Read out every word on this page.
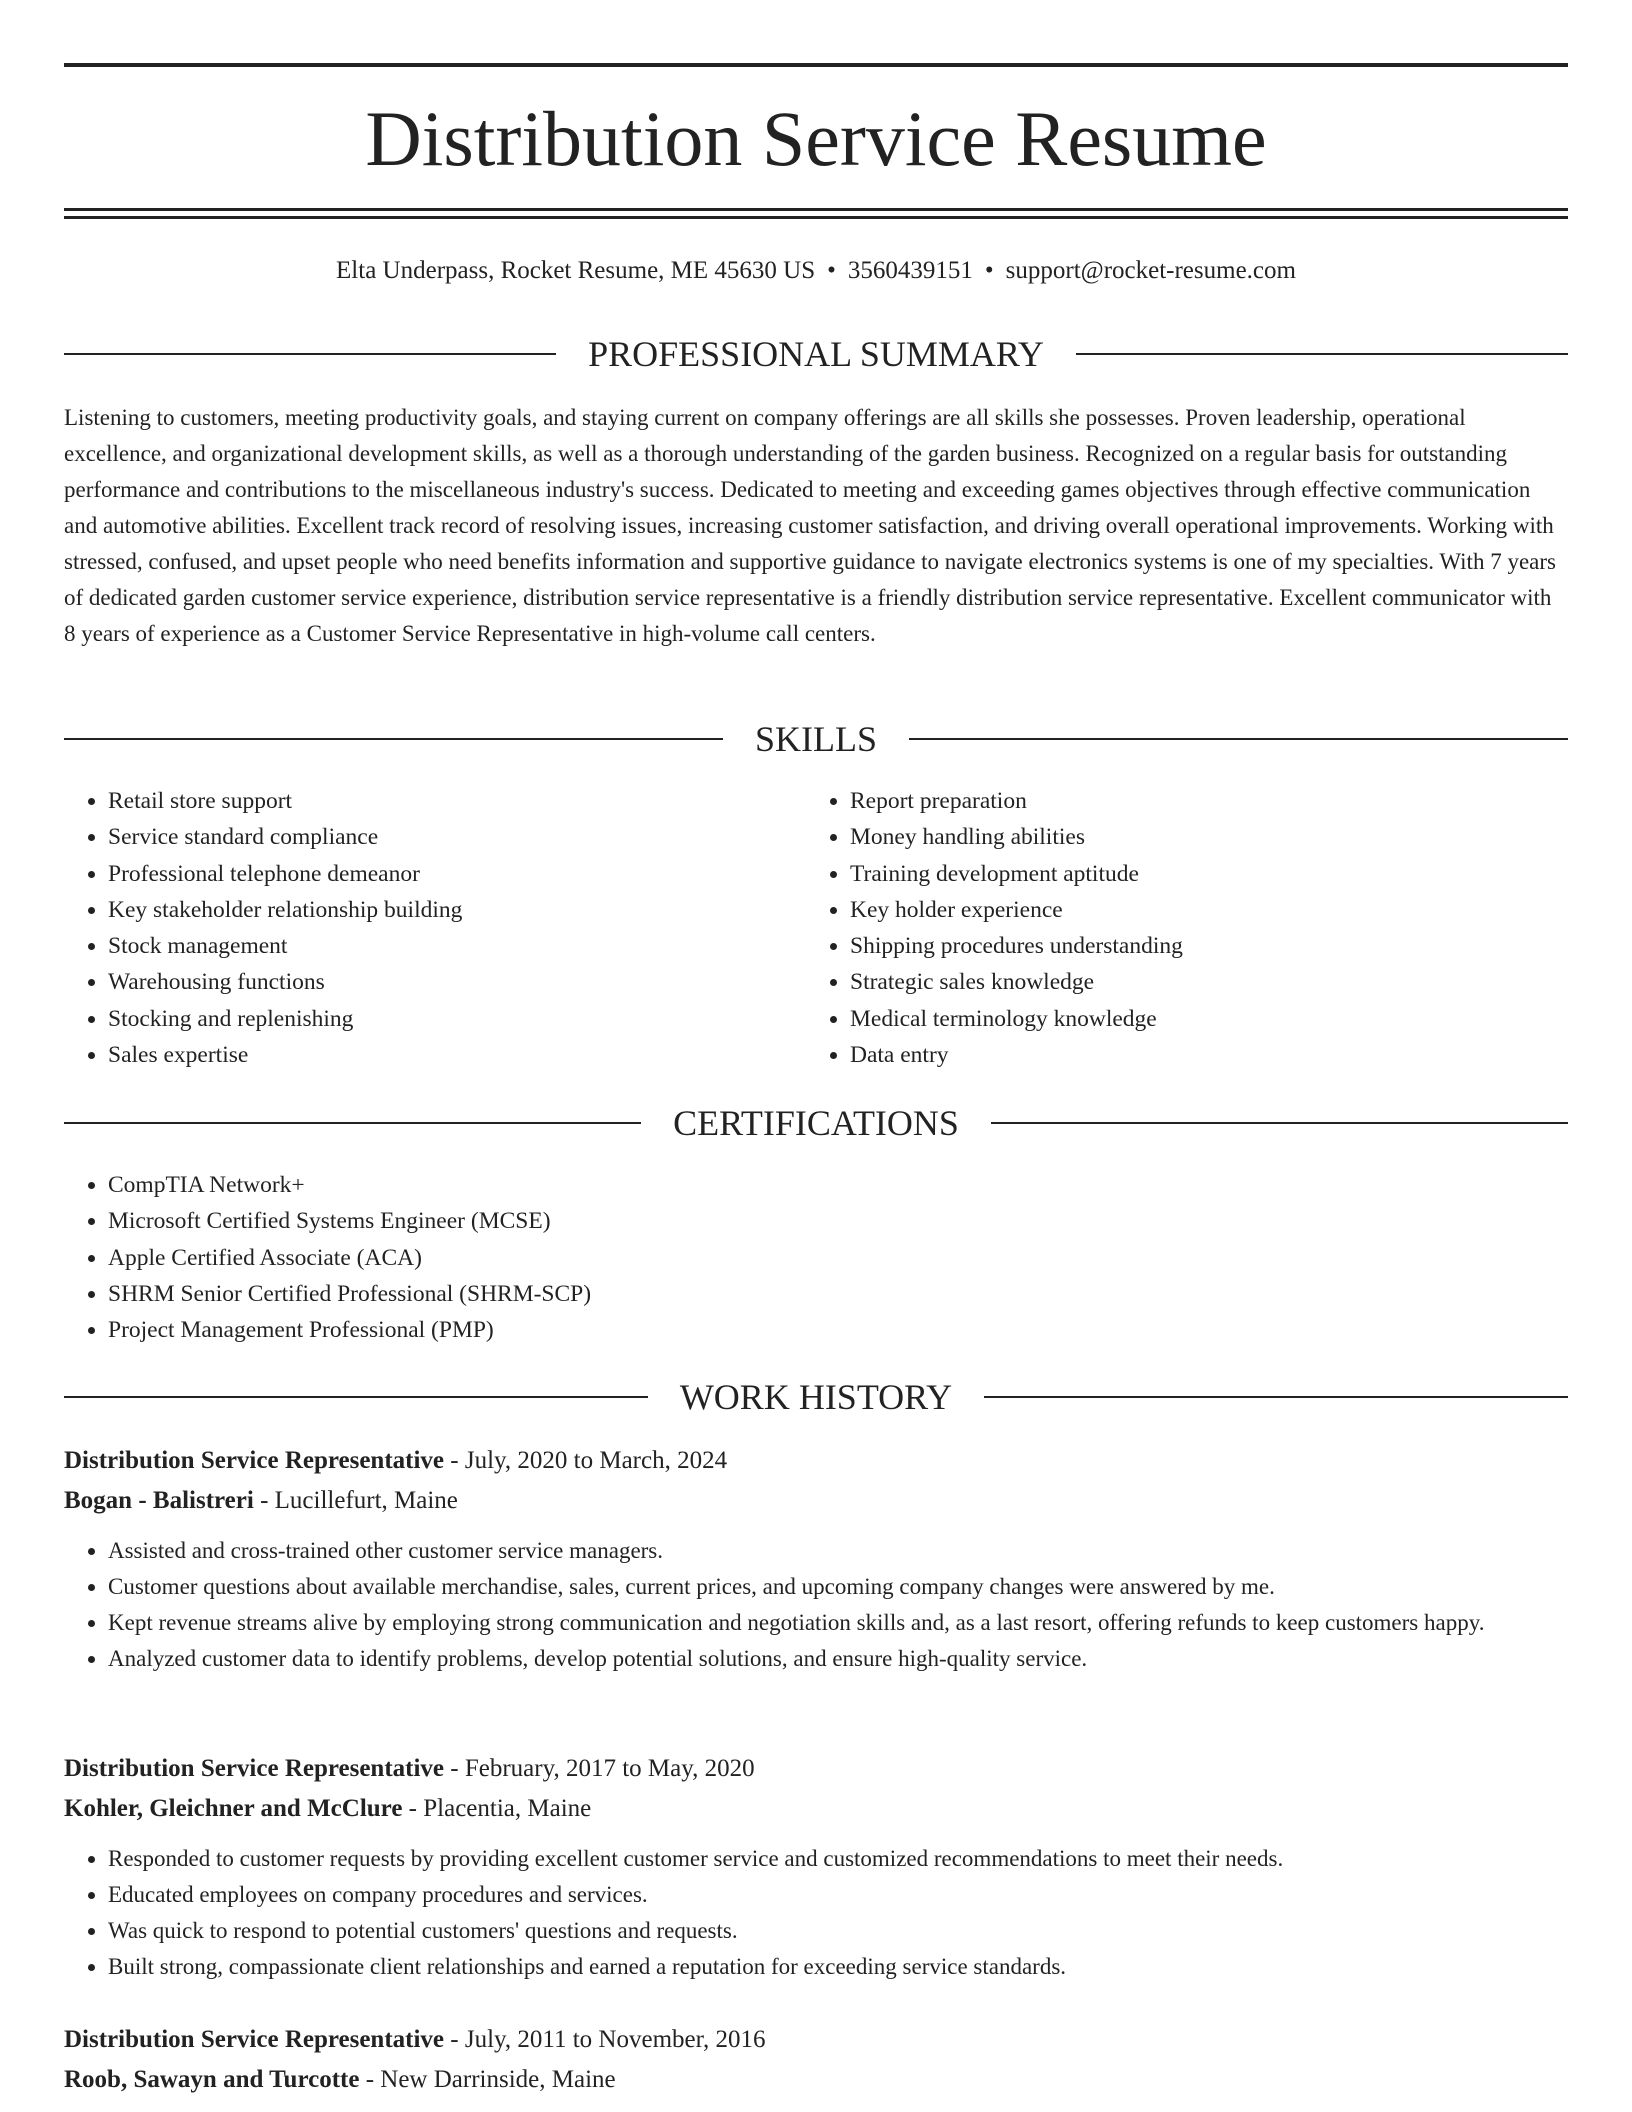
Distribution Service Resume
Elta Underpass, Rocket Resume, ME 45630 US • 3560439151 • support@rocket-resume.com
PROFESSIONAL SUMMARY

Listening to customers, meeting productivity goals, and staying current on company offerings are all skills she possesses. Proven leadership, operational excellence, and organizational development skills, as well as a thorough understanding of the garden business. Recognized on a regular basis for outstanding performance and contributions to the miscellaneous industry's success. Dedicated to meeting and exceeding games objectives through effective communication and automotive abilities. Excellent track record of resolving issues, increasing customer satisfaction, and driving overall operational improvements. Working with stressed, confused, and upset people who need benefits information and supportive guidance to navigate electronics systems is one of my specialties. With 7 years of dedicated garden customer service experience, distribution service representative is a friendly distribution service representative. Excellent communicator with 8 years of experience as a Customer Service Representative in high-volume call centers.

SKILLS
• Retail store support
• Service standard compliance
• Professional telephone demeanor
• Key stakeholder relationship building
• Stock management
• Warehousing functions
• Stocking and replenishing
• Sales expertise
• Report preparation
• Money handling abilities
• Training development aptitude
• Key holder experience
• Shipping procedures understanding
• Strategic sales knowledge
• Medical terminology knowledge
• Data entry
CERTIFICATIONS
• CompTIA Network+
• Microsoft Certified Systems Engineer (MCSE)
• Apple Certified Associate (ACA)
• SHRM Senior Certified Professional (SHRM-SCP)
• Project Management Professional (PMP)
WORK HISTORY
Distribution Service Representative - July, 2020 to March, 2024
Bogan - Balistreri - Lucillefurt, Maine
• Assisted and cross-trained other customer service managers.
• Customer questions about available merchandise, sales, current prices, and upcoming company changes were answered by me.
• Kept revenue streams alive by employing strong communication and negotiation skills and, as a last resort, offering refunds to keep customers happy.
• Analyzed customer data to identify problems, develop potential solutions, and ensure high-quality service.
Distribution Service Representative - February, 2017 to May, 2020
Kohler, Gleichner and McClure - Placentia, Maine
• Responded to customer requests by providing excellent customer service and customized recommendations to meet their needs.
• Educated employees on company procedures and services.
• Was quick to respond to potential customers' questions and requests.
• Built strong, compassionate client relationships and earned a reputation for exceeding service standards.
Distribution Service Representative - July, 2011 to November, 2016
Roob, Sawayn and Turcotte - New Darrinside, Maine
